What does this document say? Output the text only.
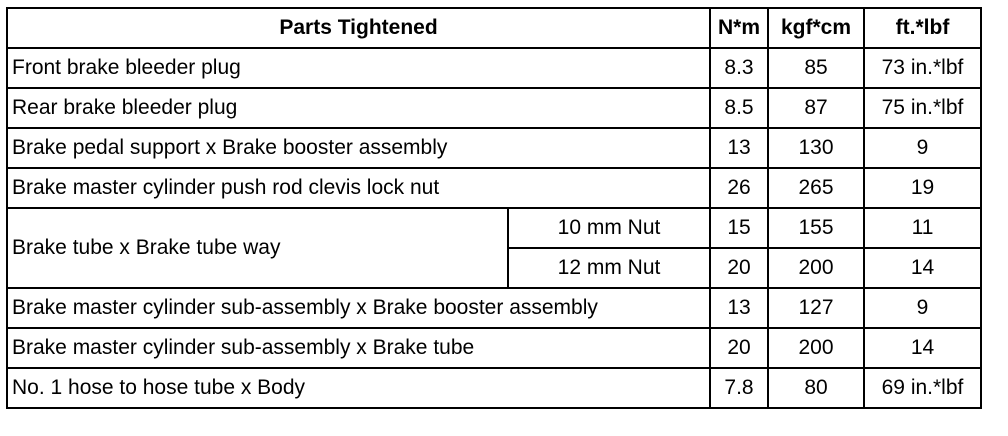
Parts Tightened		N*m	kgf*cm	ft.*lbf
Front brake bleeder plug		8.3	85	73 in.*lbf
Rear brake bleeder plug		8.5	87	75 in.*lbf
Brake pedal support x Brake booster assembly		13	130	9
Brake master cylinder push rod clevis lock nut		26	265	19
Brake tube x Brake tube way	10 mm Nut	15	155	11
	12 mm Nut	20	200	14
Brake master cylinder sub-assembly x Brake booster assembly		13	127	9
Brake master cylinder sub-assembly x Brake tube		20	200	14
No. 1 hose to hose tube x Body		7.8	80	69 in.*lbf
